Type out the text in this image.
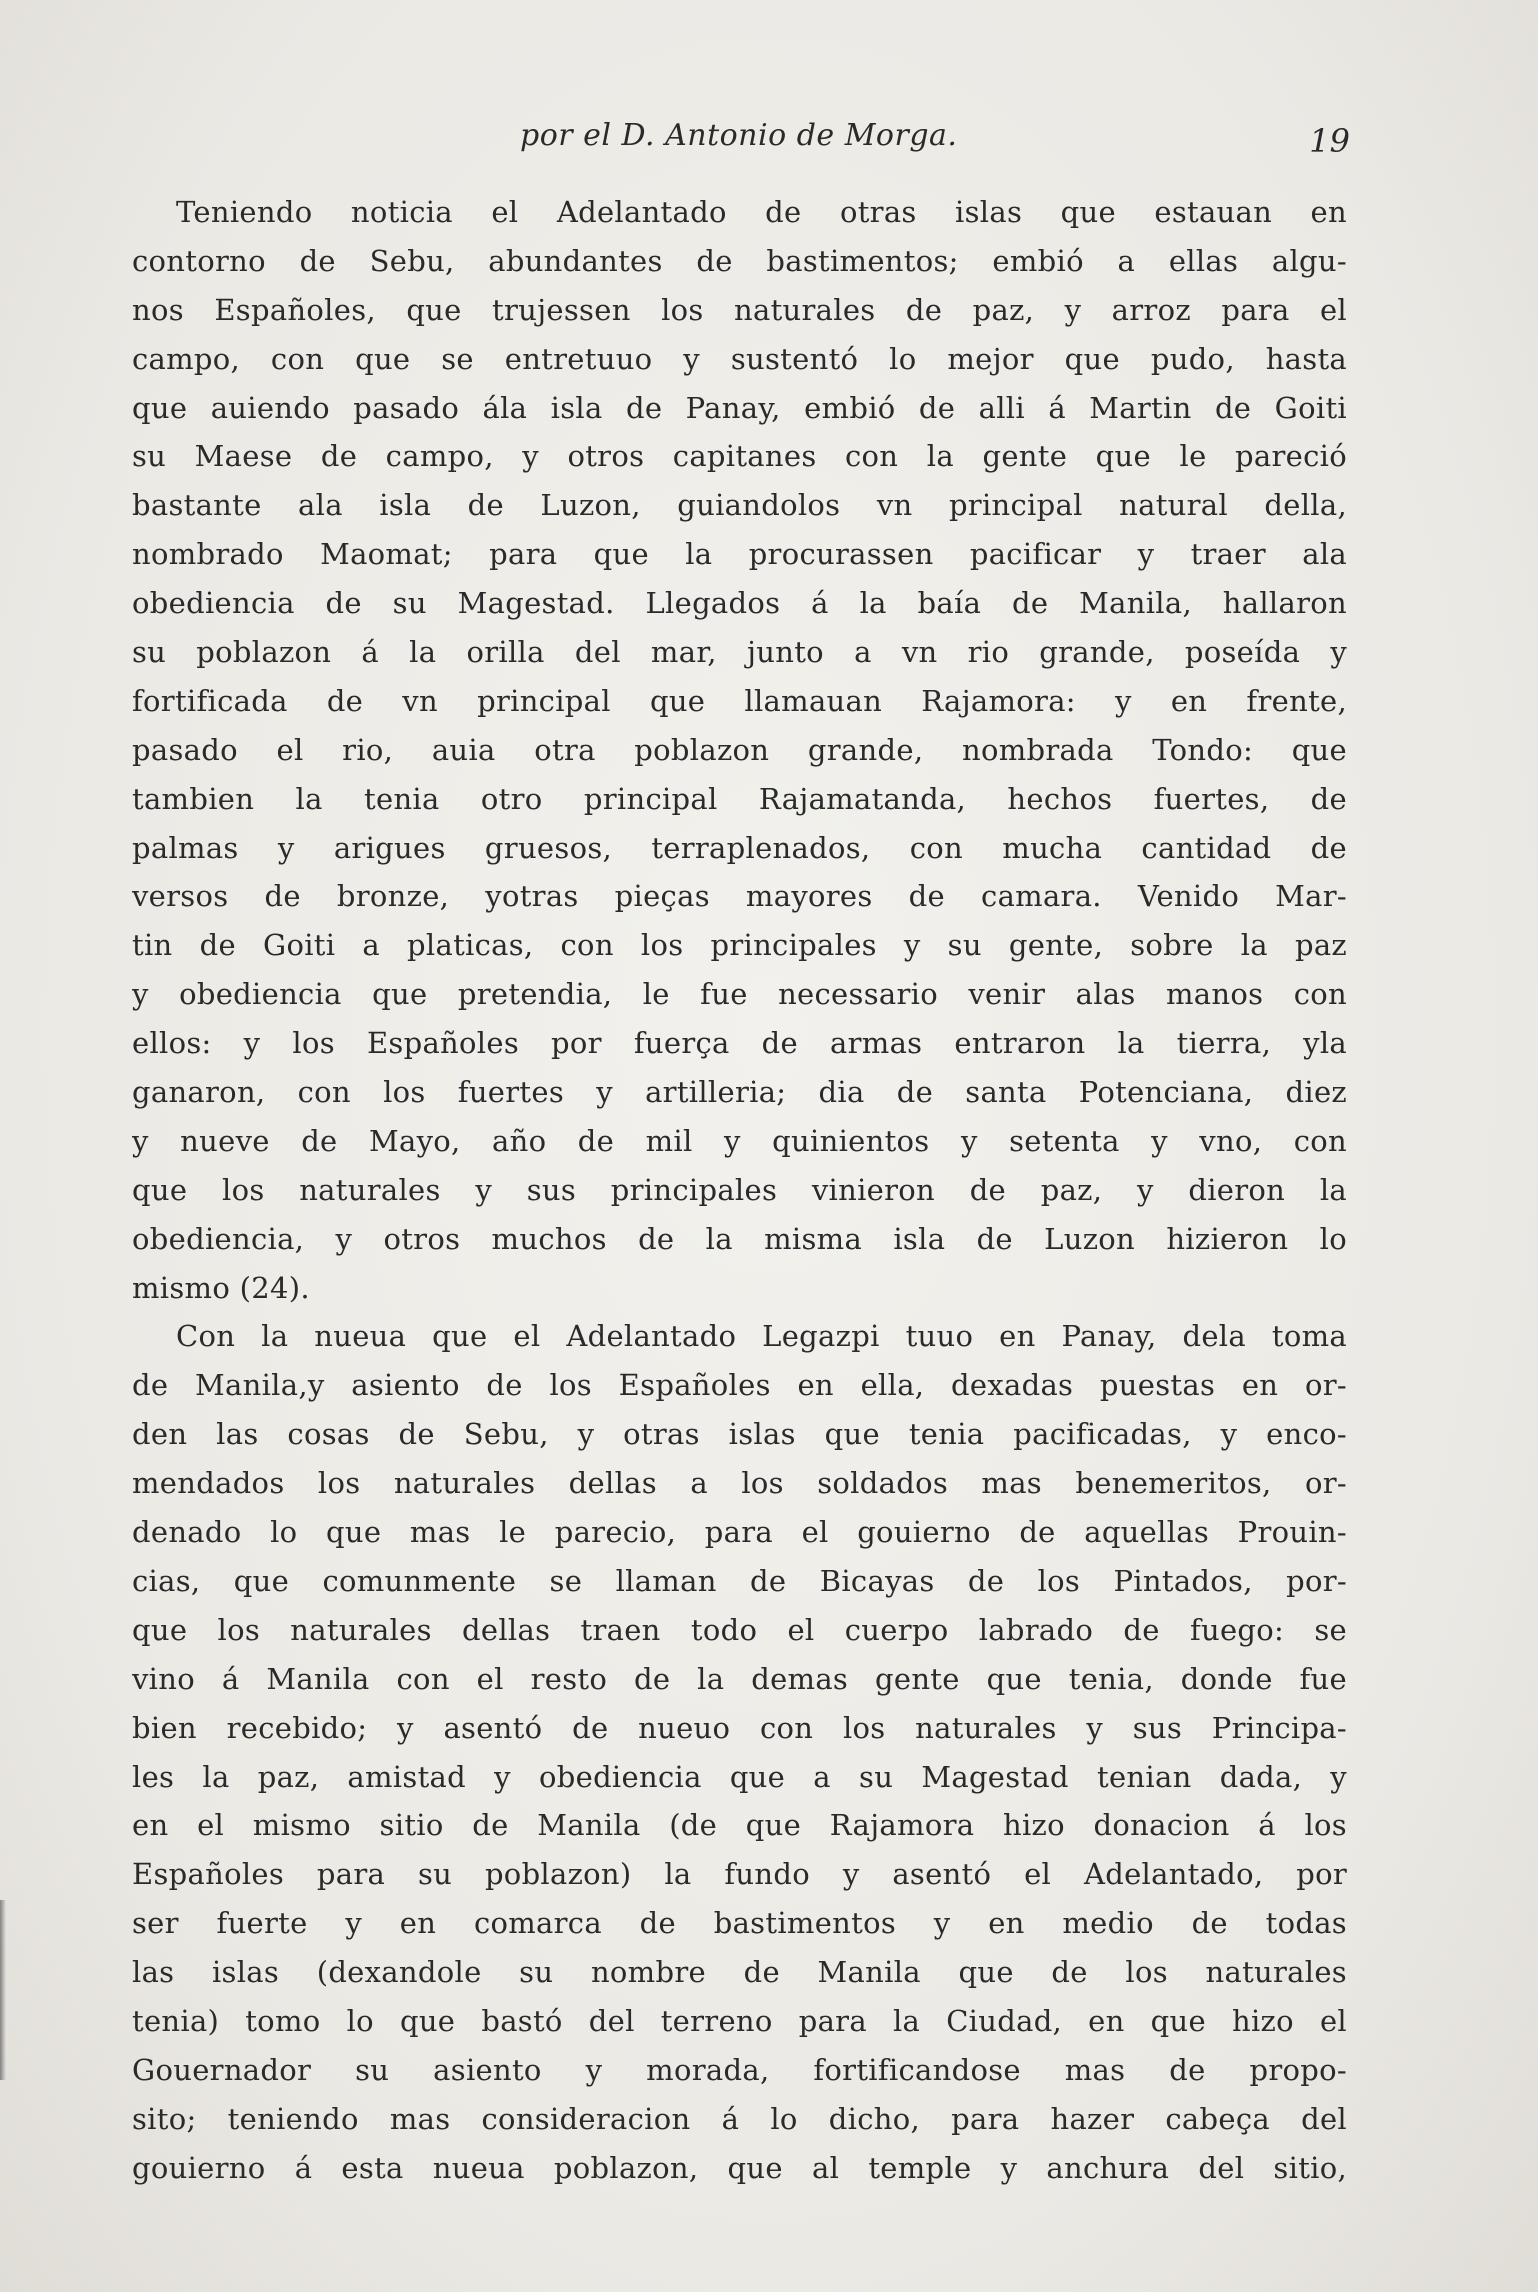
por el D. Antonio de Morga.	19
Teniendo noticia el Adelantado de otras islas que estauan en
contorno de Sebu, abundantes de bastimentos; embió a ellas algu-
nos Españoles, que trujessen los naturales de paz, y arroz para el
campo, con que se entretuuo y sustentó lo mejor que pudo, hasta
que auiendo pasado ála isla de Panay, embió de alli á Martin de Goiti
su Maese de campo, y otros capitanes con la gente que le pareció
bastante ala isla de Luzon, guiandolos vn principal natural della,
nombrado Maomat; para que la procurassen pacificar y traer ala
obediencia de su Magestad. Llegados á la baía de Manila, hallaron
su poblazon á la orilla del mar, junto a vn rio grande, poseída y
fortificada de vn principal que llamauan Rajamora: y en frente,
pasado el rio, auia otra poblazon grande, nombrada Tondo: que
tambien la tenia otro principal Rajamatanda, hechos fuertes, de
palmas y arigues gruesos, terraplenados, con mucha cantidad de
versos de bronze, yotras pieças mayores de camara. Venido Mar-
tin de Goiti a platicas, con los principales y su gente, sobre la paz
y obediencia que pretendia, le fue necessario venir alas manos con
ellos: y los Españoles por fuerça de armas entraron la tierra, yla
ganaron, con los fuertes y artilleria; dia de santa Potenciana, diez
y nueve de Mayo, año de mil y quinientos y setenta y vno, con
que los naturales y sus principales vinieron de paz, y dieron la
obediencia, y otros muchos de la misma isla de Luzon hizieron lo
mismo (24).
Con la nueua que el Adelantado Legazpi tuuo en Panay, dela toma
de Manila,y asiento de los Españoles en ella, dexadas puestas en or-
den las cosas de Sebu, y otras islas que tenia pacificadas, y enco-
mendados los naturales dellas a los soldados mas benemeritos, or-
denado lo que mas le parecio, para el gouierno de aquellas Prouin-
cias, que comunmente se llaman de Bicayas de los Pintados, por-
que los naturales dellas traen todo el cuerpo labrado de fuego: se
vino á Manila con el resto de la demas gente que tenia, donde fue
bien recebido; y asentó de nueuo con los naturales y sus Principa-
les la paz, amistad y obediencia que a su Magestad tenian dada, y
en el mismo sitio de Manila (de que Rajamora hizo donacion á los
Españoles para su poblazon) la fundo y asentó el Adelantado, por
ser fuerte y en comarca de bastimentos y en medio de todas
las islas (dexandole su nombre de Manila que de los naturales
tenia) tomo lo que bastó del terreno para la Ciudad, en que hizo el
Gouernador su asiento y morada, fortificandose mas de propo-
sito; teniendo mas consideracion á lo dicho, para hazer cabeça del
gouierno á esta nueua poblazon, que al temple y anchura del sitio,
